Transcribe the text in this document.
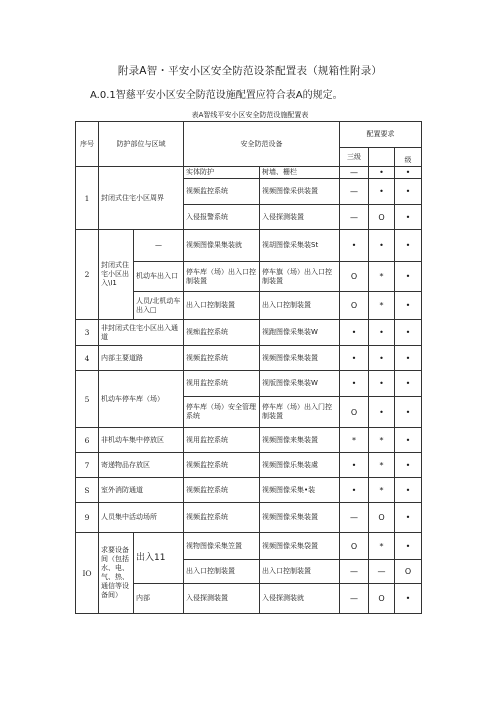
附录A智・平安小区安全防范设茶配置表（规箱性附录）
A.0.1智慈平安小区安全防范设施配置应符合表A的规定。
表A智线平安小区安全防范设施配置表
序号	防护部位与区域		安全防范设备		配置要求		
					三级		级
1	封闭式住宅小区周界		实体防护	树墙、栅栏	—	•	•
			视频监控系统	视频图像采供装置	—	•	•
			入侵报警系统	入侵探测装置	—	O	•
2	封闭式住宅小区出入\I1	—	视频图像果集装就	视胡图像采集装St	•	•	•
		机动车出入口	停车库（场）出入口控制装置	停车旗（场）出入口控制装置	O	*	•
		人员/北机动车出入□	出入口控制装置	出入口控制装置	O	*	•
3	非封闭式住宅小区出入通道		视痴监控系统	视跑图像采集装W	•	•	•
4	内部主要道路		视频监控系统	视频图像采集装置	•	•	•
5	机动车停车库（场）		视用监控系统	视版图像采集装W	•	•	•
			停车库（场）安全管理系统	停车库（场）出入门控制装置	O	•	•
6	非机动车集中停放区		视用监控系统	视频图像来集装置	*	*	•
7	寄递物品存放区		视频监控系统	视频图像乐集装虞	•	*	•
S	室外消防通道		视频监控系统	视频图像采集•装	•	*	•
9	人员集中活动场所		视频监控系统	视频图像采集装置	—	O	•
IO	求要设备间（包括水、电、气、热、通信等设备间）	出入11	视物图像采集笠置	视频图像采集袋置	O	*	•
			出入口控制装置	出入口控制装置	—	—	O
		内部	入侵探测装置	入侵探测装就	—	O	•
